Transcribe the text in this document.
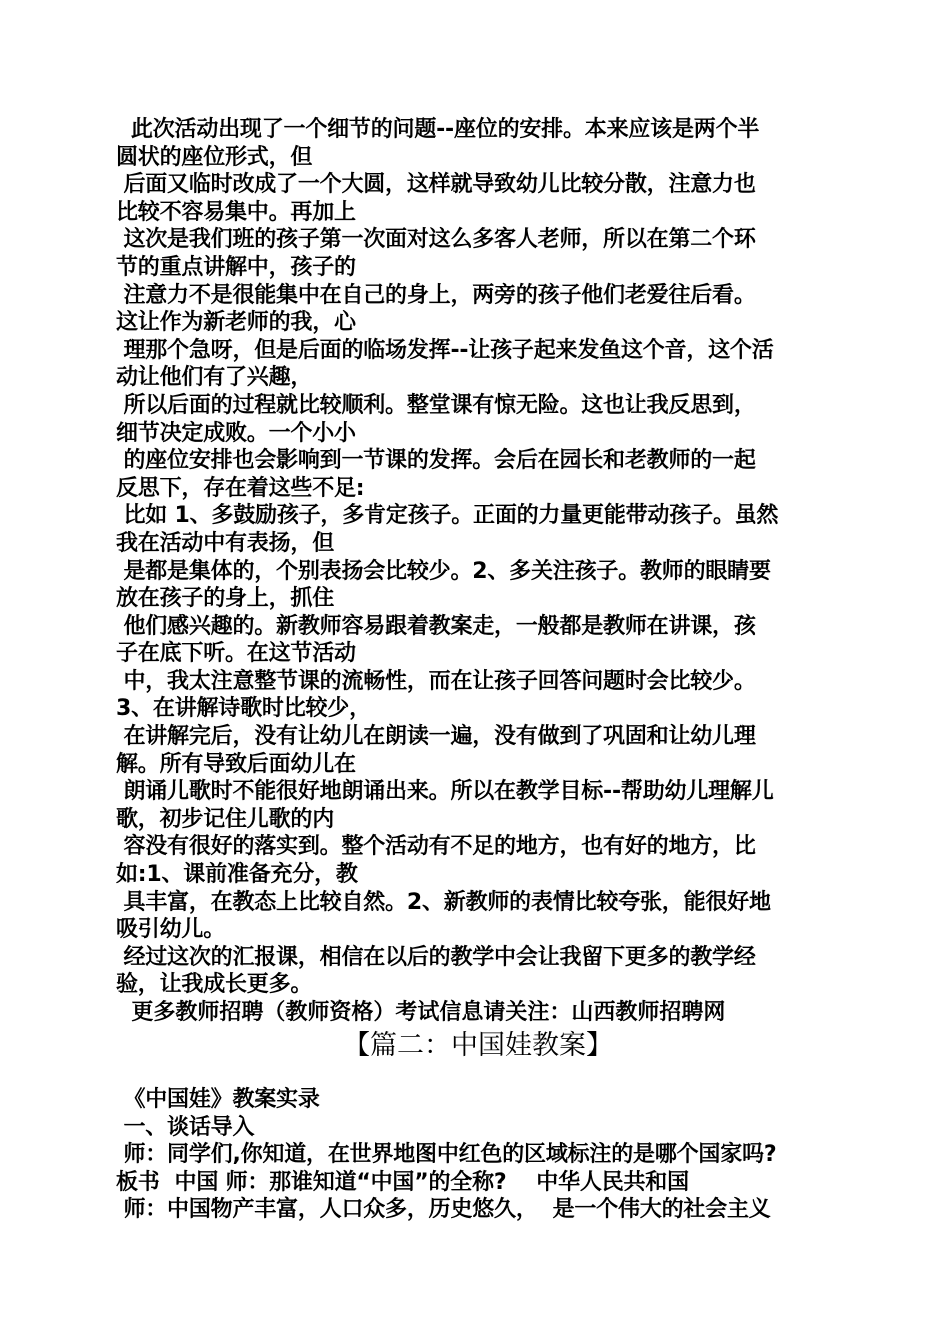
此次活动出现了一个细节的问题--座位的安排。本来应该是两个半
圆状的座位形式，但
后面又临时改成了一个大圆，这样就导致幼儿比较分散，注意力也
比较不容易集中。再加上
这次是我们班的孩子第一次面对这么多客人老师，所以在第二个环
节的重点讲解中，孩子的
注意力不是很能集中在自己的身上，两旁的孩子他们老爱往后看。
这让作为新老师的我，心
理那个急呀，但是后面的临场发挥--让孩子起来发鱼这个音，这个活
动让他们有了兴趣，
所以后面的过程就比较顺利。整堂课有惊无险。这也让我反思到，
细节决定成败。一个小小
的座位安排也会影响到一节课的发挥。会后在园长和老教师的一起
反思下，存在着这些不足:
比如 1、多鼓励孩子，多肯定孩子。正面的力量更能带动孩子。虽然
我在活动中有表扬，但
是都是集体的，个别表扬会比较少。2、多关注孩子。教师的眼睛要
放在孩子的身上，抓住
他们感兴趣的。新教师容易跟着教案走，一般都是教师在讲课，孩
子在底下听。在这节活动
中，我太注意整节课的流畅性，而在让孩子回答问题时会比较少。
3、在讲解诗歌时比较少，
在讲解完后，没有让幼儿在朗读一遍，没有做到了巩固和让幼儿理
解。所有导致后面幼儿在
朗诵儿歌时不能很好地朗诵出来。所以在教学目标--帮助幼儿理解儿
歌，初步记住儿歌的内
容没有很好的落实到。整个活动有不足的地方，也有好的地方，比
如:1、课前准备充分，教
具丰富，在教态上比较自然。2、新教师的表情比较夸张，能很好地
吸引幼儿。
经过这次的汇报课，相信在以后的教学中会让我留下更多的教学经
验，让我成长更多。
更多教师招聘（教师资格）考试信息请关注：山西教师招聘网
【篇二：中国娃教案】
《中国娃》教案实录
一、谈话导入
师：同学们,你知道，在世界地图中红色的区域标注的是哪个国家吗?
板书  中国 师：那谁知道“中国”的全称?    中华人民共和国
师：中国物产丰富，人口众多，历史悠久，  是一个伟大的社会主义
